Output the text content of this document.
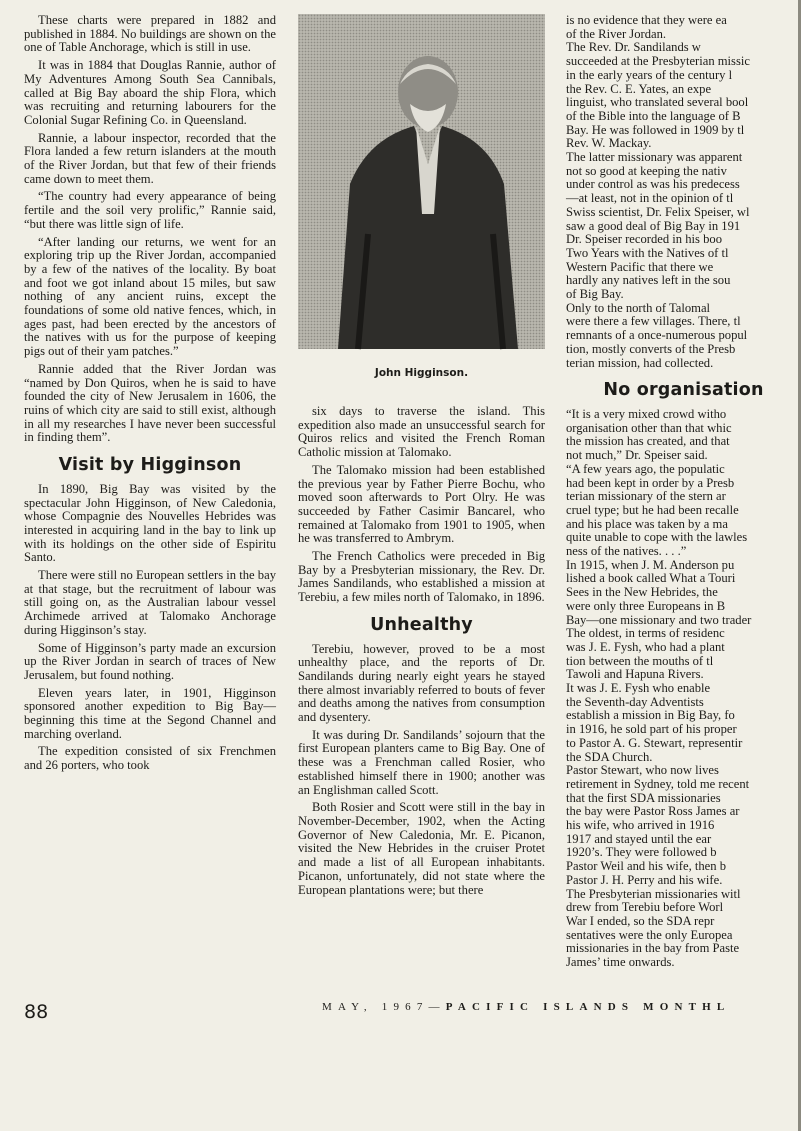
These charts were prepared in 1882 and published in 1884. No buildings are shown on the one of Table Anchorage, which is still in use.

It was in 1884 that Douglas Rannie, author of My Adventures Among South Sea Cannibals, called at Big Bay aboard the ship Flora, which was recruiting and returning labourers for the Colonial Sugar Refining Co. in Queensland.

Rannie, a labour inspector, recorded that the Flora landed a few return islanders at the mouth of the River Jordan, but that few of their friends came down to meet them.

“The country had every appearance of being fertile and the soil very prolific,” Rannie said, “but there was little sign of life.

“After landing our returns, we went for an exploring trip up the River Jordan, accompanied by a few of the natives of the locality. By boat and foot we got inland about 15 miles, but saw nothing of any ancient ruins, except the foundations of some old native fences, which, in ages past, had been erected by the ancestors of the natives with us for the purpose of keeping pigs out of their yam patches.”

Rannie added that the River Jordan was “named by Don Quiros, when he is said to have founded the city of New Jerusalem in 1606, the ruins of which city are said to still exist, although in all my researches I have never been successful in finding them”.

Visit by Higginson

In 1890, Big Bay was visited by the spectacular John Higginson, of New Caledonia, whose Compagnie des Nouvelles Hebrides was interested in acquiring land in the bay to link up with its holdings on the other side of Espiritu Santo.

There were still no European settlers in the bay at that stage, but the recruitment of labour was still going on, as the Australian labour vessel Archimede arrived at Talomako Anchorage during Higginson’s stay.

Some of Higginson’s party made an excursion up the River Jordan in search of traces of New Jerusalem, but found nothing.

Eleven years later, in 1901, Higginson sponsored another expedition to Big Bay—beginning this time at the Segond Channel and marching overland.

The expedition consisted of six Frenchmen and 26 porters, who took

John Higginson.

six days to traverse the island. This expedition also made an unsuccessful search for Quiros relics and visited the French Roman Catholic mission at Talomako.

The Talomako mission had been established the previous year by Father Pierre Bochu, who moved soon afterwards to Port Olry. He was succeeded by Father Casimir Bancarel, who remained at Talomako from 1901 to 1905, when he was transferred to Ambrym.

The French Catholics were preceded in Big Bay by a Presbyterian missionary, the Rev. Dr. James Sandilands, who established a mission at Terebiu, a few miles north of Talomako, in 1896.

Unhealthy

Terebiu, however, proved to be a most unhealthy place, and the reports of Dr. Sandilands during nearly eight years he stayed there almost invariably referred to bouts of fever and deaths among the natives from consumption and dysentery.

It was during Dr. Sandilands’ sojourn that the first European planters came to Big Bay. One of these was a Frenchman called Rosier, who established himself there in 1900; another was an Englishman called Scott.

Both Rosier and Scott were still in the bay in November-December, 1902, when the Acting Governor of New Caledonia, Mr. E. Picanon, visited the New Hebrides in the cruiser Protet and made a list of all European inhabitants. Picanon, unfortunately, did not state where the European plantations were; but there

is no evidence that they were ea

of the River Jordan.

The Rev. Dr. Sandilands w

succeeded at the Presbyterian missic

in the early years of the century l

the Rev. C. E. Yates, an expe

linguist, who translated several bool

of the Bible into the language of B

Bay. He was followed in 1909 by tl

Rev. W. Mackay.

The latter missionary was apparent

not so good at keeping the nativ

under control as was his predecess

—at least, not in the opinion of tl

Swiss scientist, Dr. Felix Speiser, wl

saw a good deal of Big Bay in 191

Dr. Speiser recorded in his boo

Two Years with the Natives of tl

Western Pacific that there we

hardly any natives left in the sou

of Big Bay.

Only to the north of Talomal

were there a few villages. There, tl

remnants of a once-numerous popul

tion, mostly converts of the Presb

terian mission, had collected.

No organisation

“It is a very mixed crowd witho

organisation other than that whic

the mission has created, and that

not much,” Dr. Speiser said.

“A few years ago, the populatic

had been kept in order by a Presb

terian missionary of the stern ar

cruel type; but he had been recalle

and his place was taken by a ma

quite unable to cope with the lawles

ness of the natives. . . .”

In 1915, when J. M. Anderson pu

lished a book called What a Touri

Sees in the New Hebrides, the

were only three Europeans in B

Bay—one missionary and two trader

The oldest, in terms of residenc

was J. E. Fysh, who had a plant

tion between the mouths of tl

Tawoli and Hapuna Rivers.

It was J. E. Fysh who enable

the Seventh-day Adventists

establish a mission in Big Bay, fo

in 1916, he sold part of his proper

to Pastor A. G. Stewart, representir

the SDA Church.

Pastor Stewart, who now lives

retirement in Sydney, told me recent

that the first SDA missionaries

the bay were Pastor Ross James ar

his wife, who arrived in 1916

1917 and stayed until the ear

1920’s. They were followed b

Pastor Weil and his wife, then b

Pastor J. H. Perry and his wife.

The Presbyterian missionaries witl

drew from Terebiu before Worl

War I ended, so the SDA repr

sentatives were the only Europea

missionaries in the bay from Paste

James’ time onwards.

88	MAY, 1967—PACIFIC ISLANDS MONTHL
